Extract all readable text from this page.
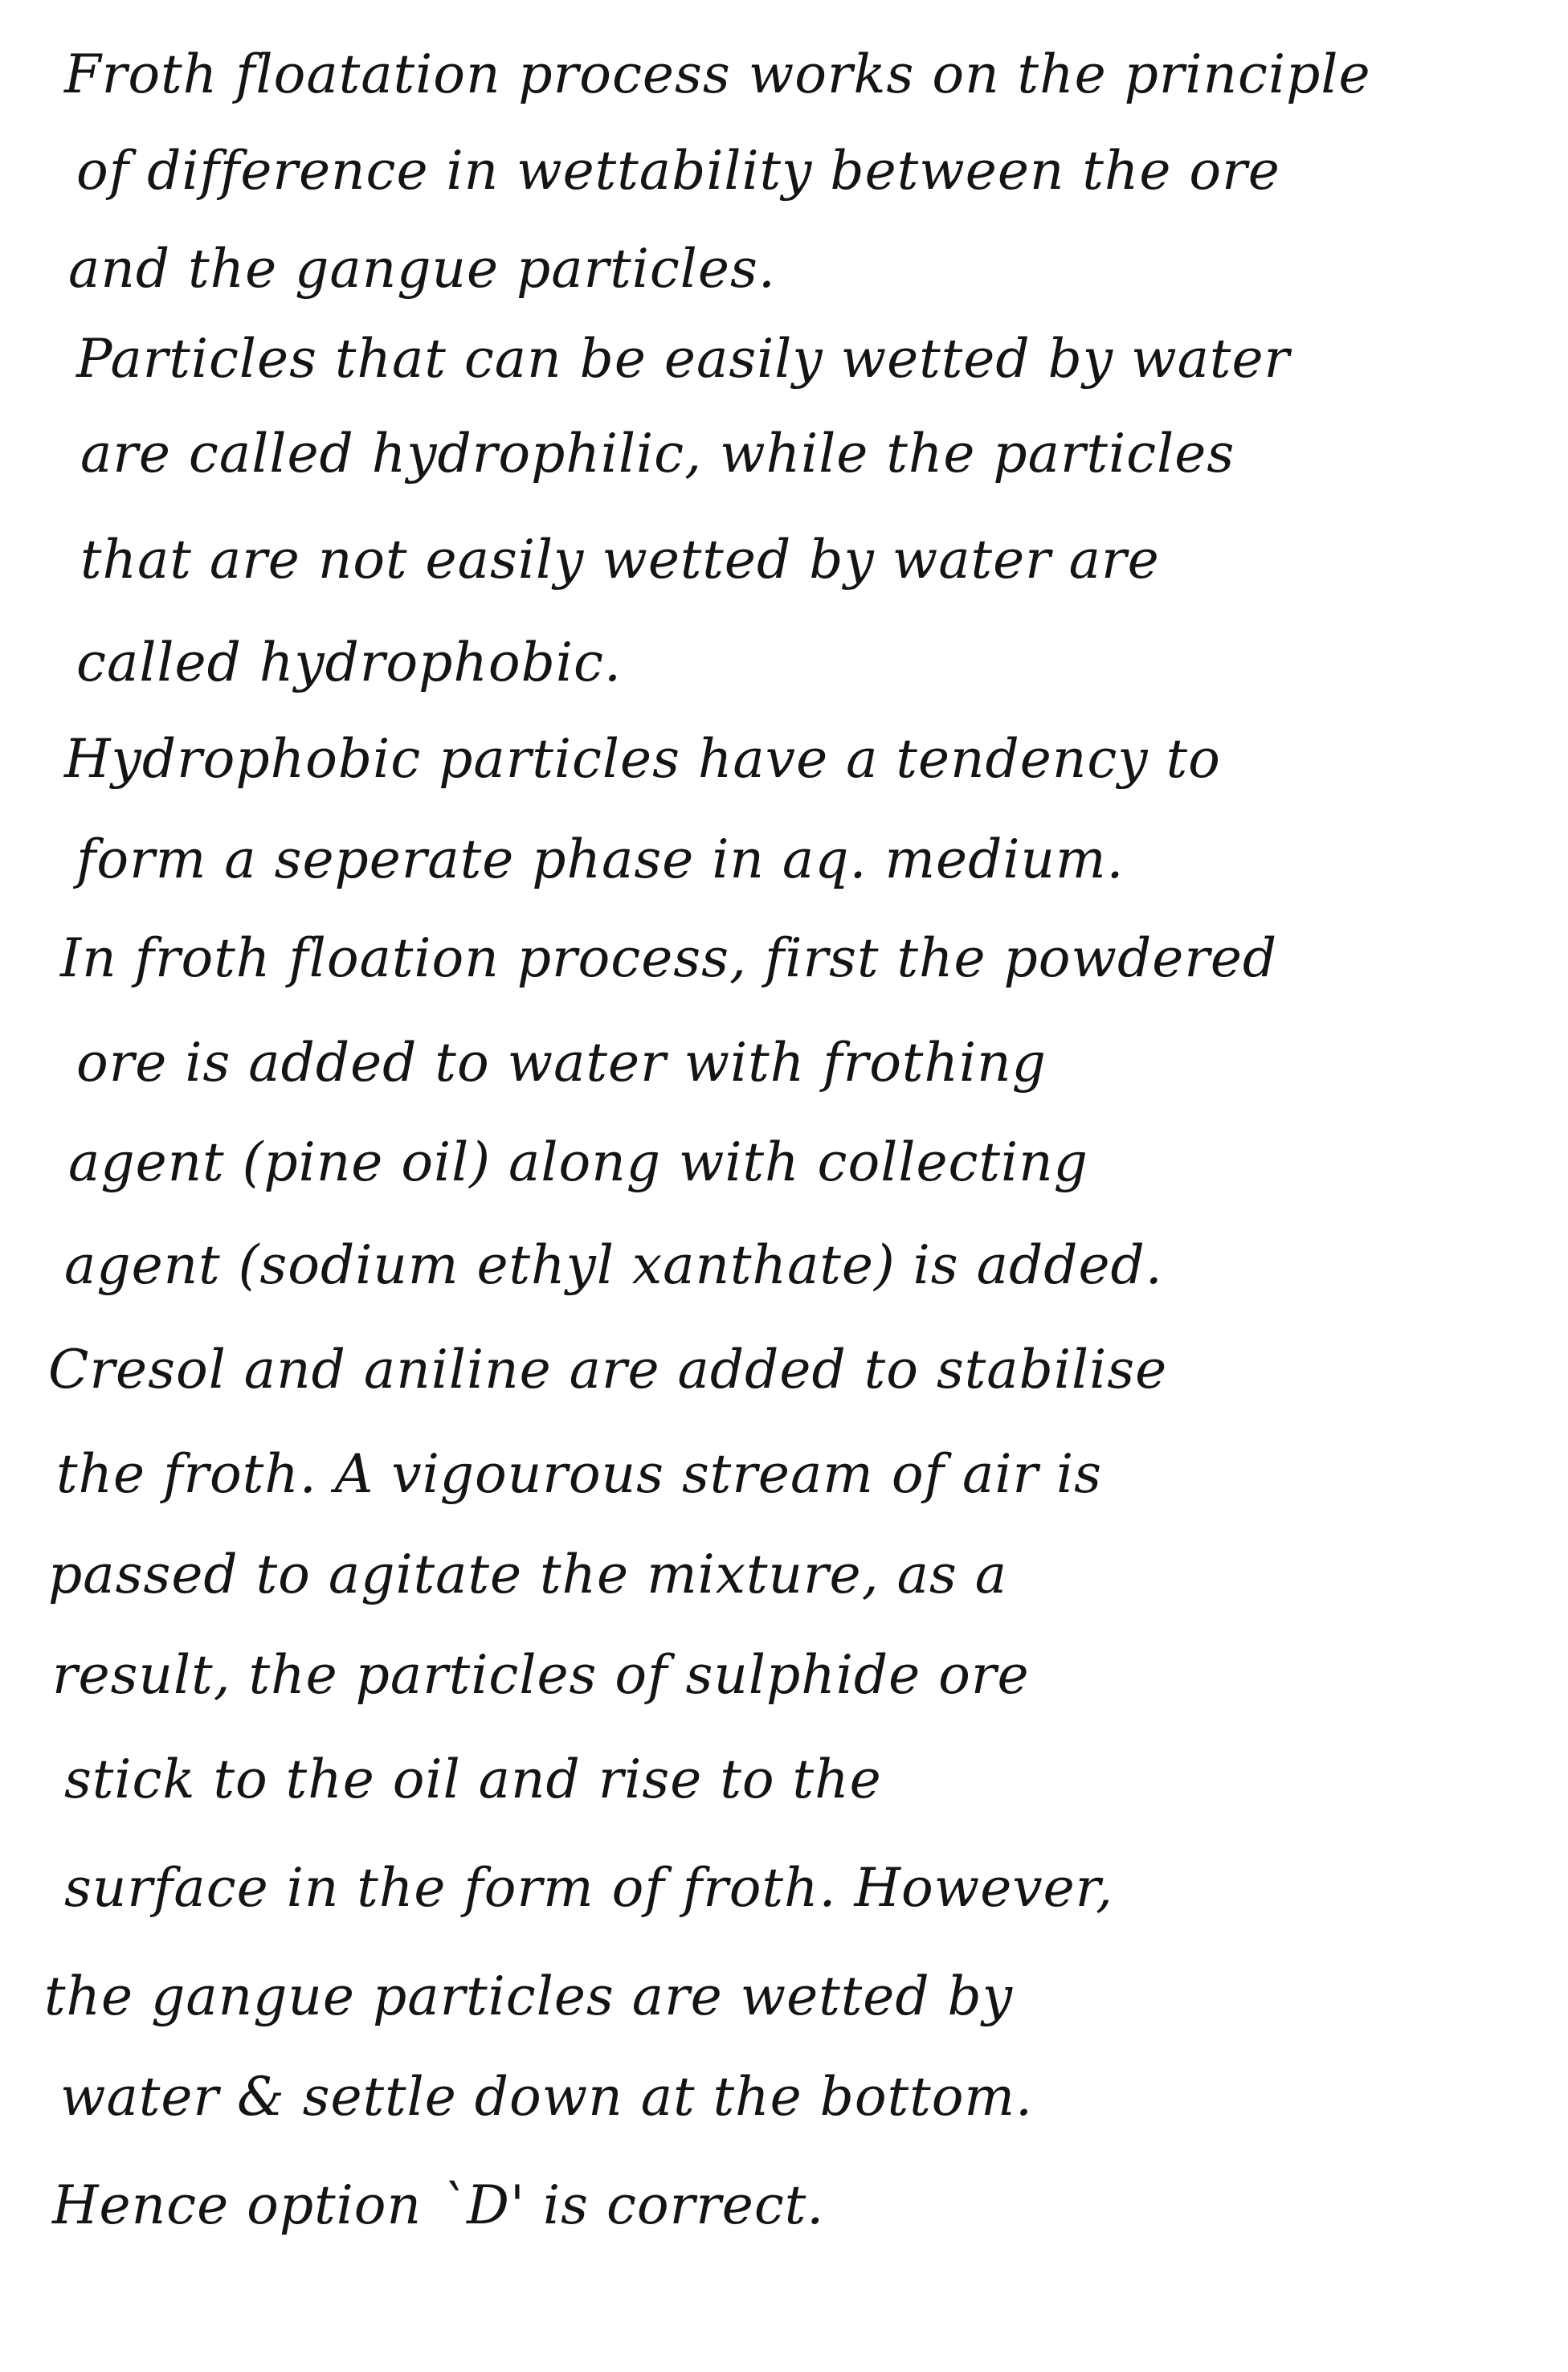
Froth floatation process works on the principle
of difference in wettability between the ore
and the gangue particles.
Particles that can be easily wetted by water
are called hydrophilic, while the particles
that are not easily wetted by water are
called hydrophobic.
Hydrophobic particles have a tendency to
form a seperate phase in aq. medium.
In froth floation process, first the powdered
ore is added to water with frothing
agent (pine oil) along with collecting
agent (sodium ethyl xanthate) is added.
Cresol and aniline are added to stabilise
the froth. A vigourous stream of air is
passed to agitate the mixture, as a
result, the particles of sulphide ore
stick to the oil and rise to the
surface in the form of froth. However,
the gangue particles are wetted by
water & settle down at the bottom.
Hence option `D' is correct.
